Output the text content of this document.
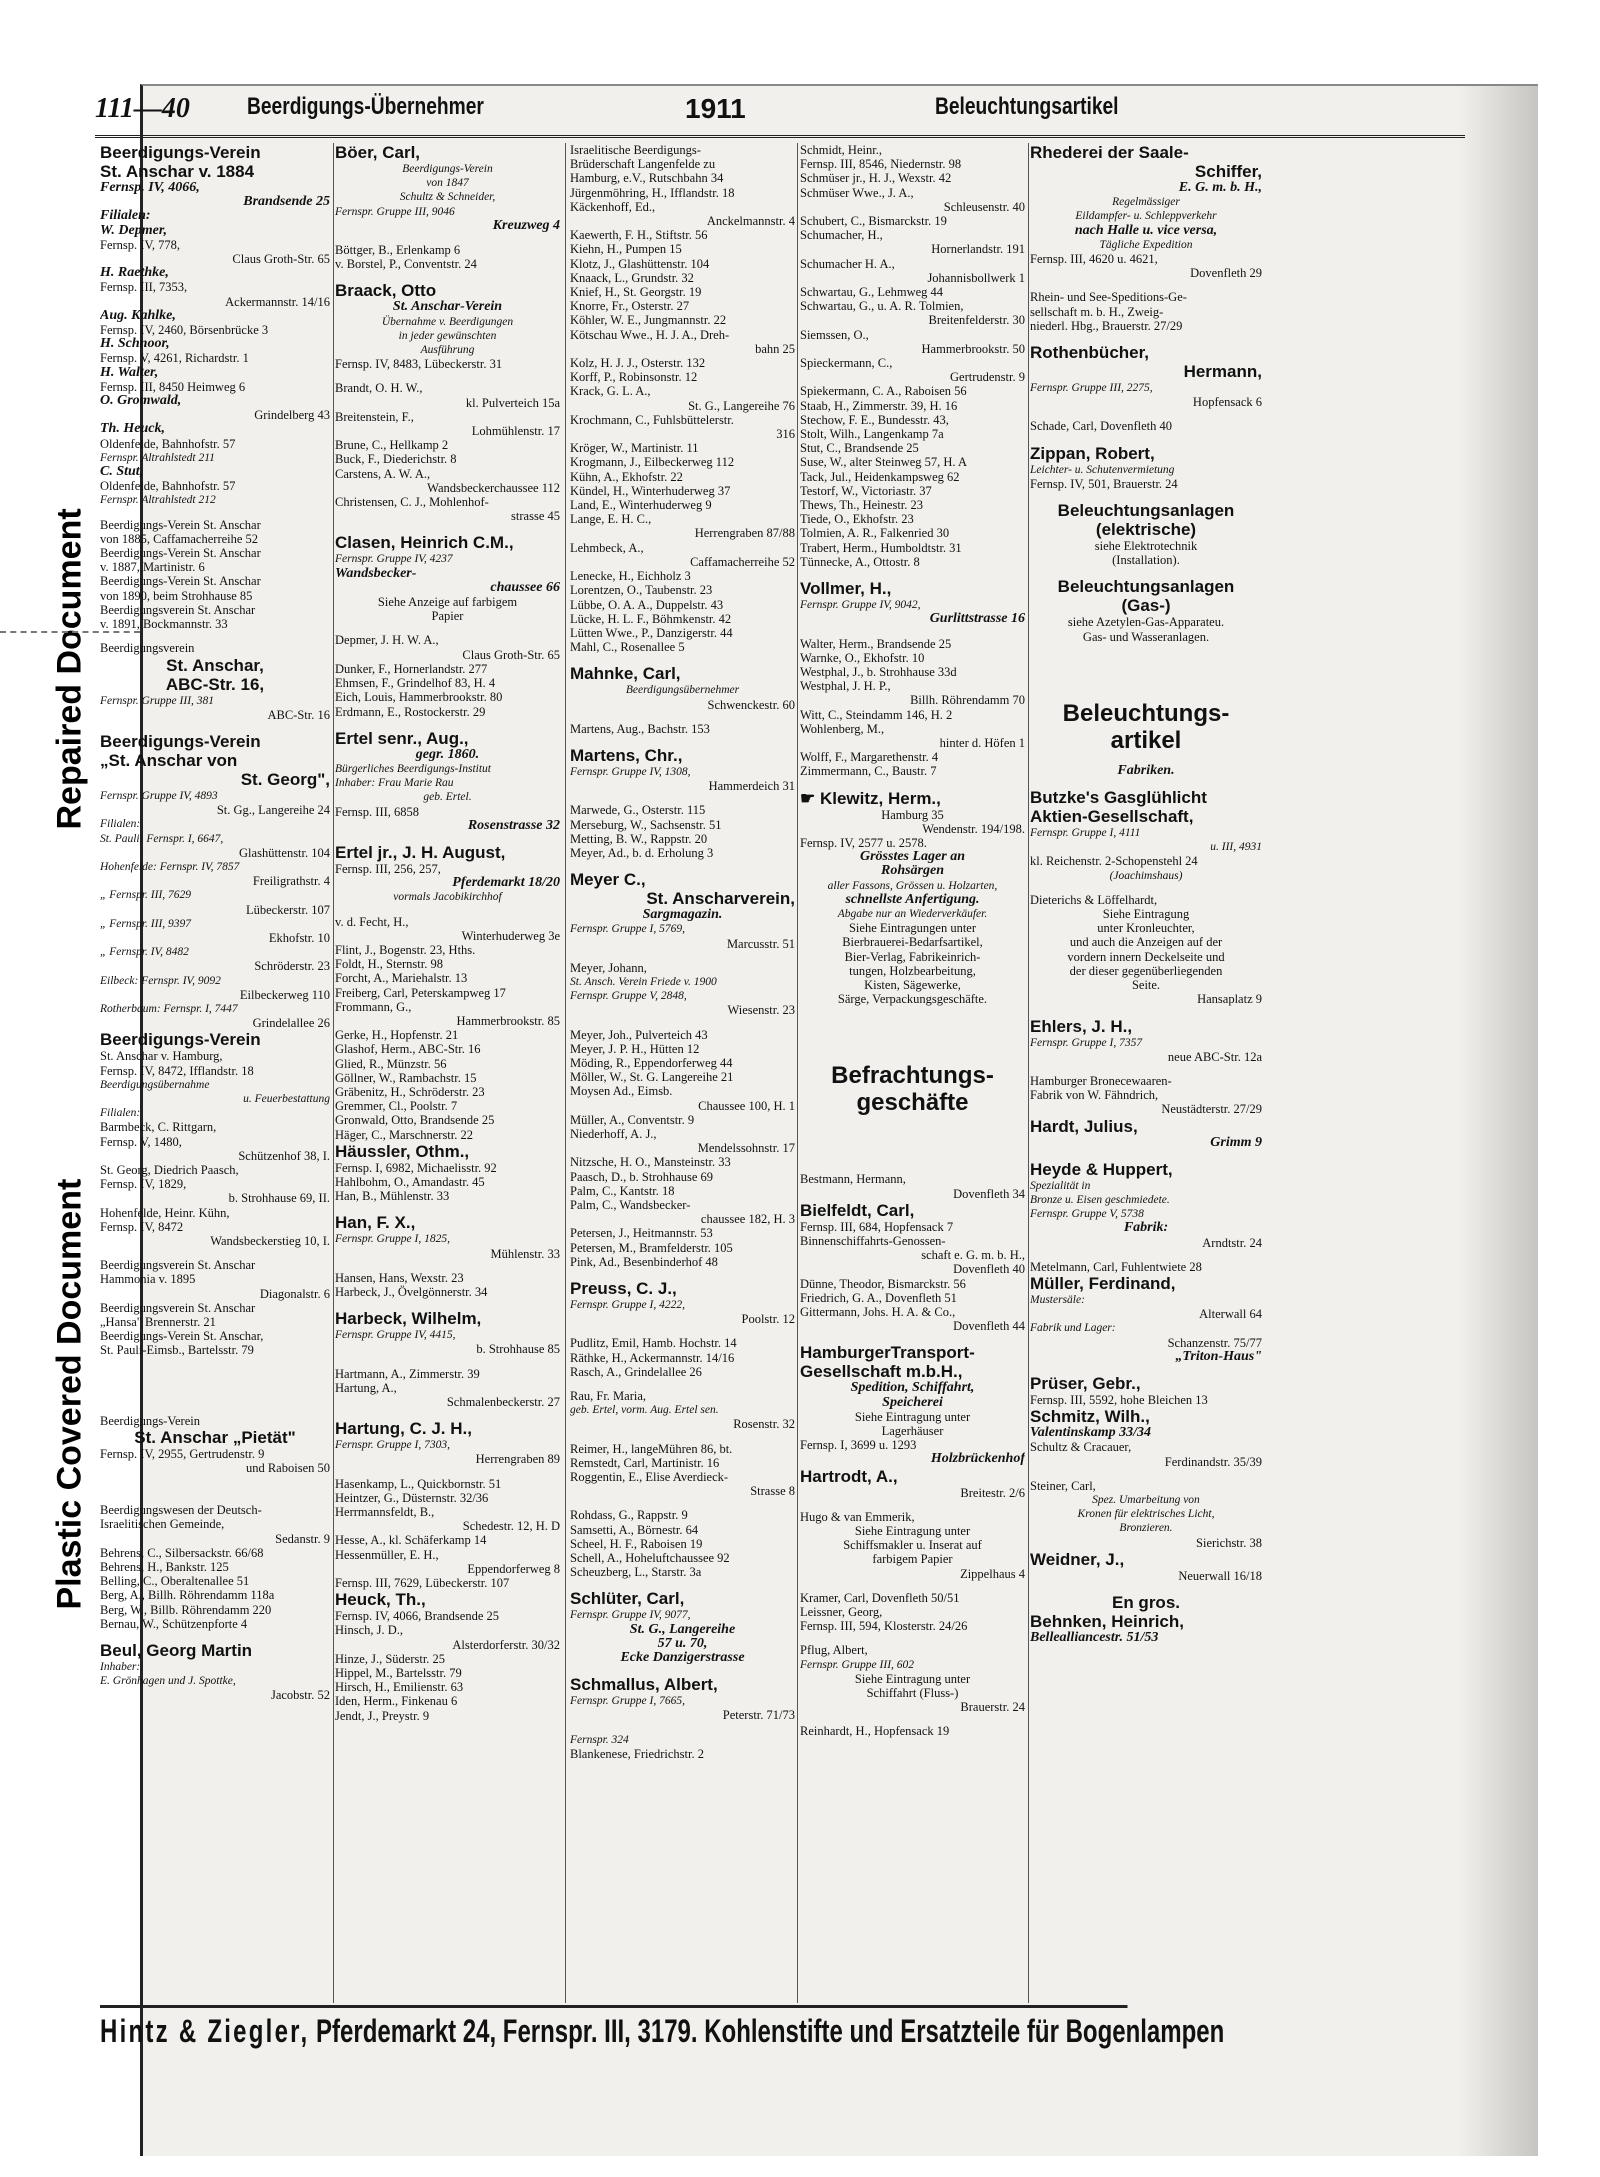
Repaired Document
Plastic Covered Document
111—40 Beerdigungs-Übernehmer	1911	Beleuchtungsartikel
Beerdigungs-Verein
St. Anschar v. 1884
Fernsp. IV, 4066,
Brandsende 25
Filialen:
W. Depmer,
Fernsp. IV, 778,
Claus Groth-Str. 65
H. Raethke,
Fernsp. III, 7353,
Ackermannstr. 14/16
Aug. Kahlke,
Fernsp. IV, 2460, Börsenbrücke 3
H. Schnoor,
Fernsp. V, 4261, Richardstr. 1
H. Walter,
Fernsp. III, 8450 Heimweg 6
O. Gromwald,
Grindelberg 43
Th. Heuck,
Oldenfelde, Bahnhofstr. 57
Fernspr. Altrahlstedt 211
C. Stut,
Oldenfelde, Bahnhofstr. 57
Fernspr. Altrahlstedt 212
Beerdigungs-Verein St. Anschar
von 1885, Caffamacherreihe 52
Beerdigungs-Verein St. Anschar
v. 1887, Martinistr. 6
Beerdigungs-Verein St. Anschar
von 1890, beim Strohhause 85
Beerdigungsverein St. Anschar
v. 1891, Bockmannstr. 33
Beerdigungsverein
St. Anschar,
ABC-Str. 16,
Fernspr. Gruppe III, 381
ABC-Str. 16
Beerdigungs-Verein
„St. Anschar von
St. Georg",
Fernspr. Gruppe IV, 4893
St. Gg., Langereihe 24
Filialen:
St. Pauli: Fernspr. I, 6647,
Glashüttenstr. 104
Hohenfelde: Fernspr. IV, 7857
Freiligrathstr. 4
„ Fernspr. III, 7629
Lübeckerstr. 107
„ Fernspr. III, 9397
Ekhofstr. 10
„ Fernspr. IV, 8482
Schröderstr. 23
Eilbeck: Fernspr. IV, 9092
Eilbeckerweg 110
Rotherbaum: Fernspr. I, 7447
Grindelallee 26
Beerdigungs-Verein
St. Anschar v. Hamburg,
Fernsp. IV, 8472, Ifflandstr. 18
Beerdigungsübernahme
u. Feuerbestattung
Filialen:
Barmbeck, C. Rittgarn,
Fernsp. V, 1480,
Schützenhof 38, I.
St. Georg, Diedrich Paasch,
Fernsp. IV, 1829,
b. Strohhause 69, II.
Hohenfelde, Heinr. Kühn,
Fernsp. IV, 8472
Wandsbeckerstieg 10, I.
Beerdigungsverein St. Anschar
Hammonia v. 1895
Diagonalstr. 6
Beerdigungsverein St. Anschar
„Hansa" Brennerstr. 21
Beerdigungs-Verein St. Anschar,
St. Pauli-Eimsb., Bartelsstr. 79
Beerdigungs-Verein
St. Anschar „Pietät"
Fernsp. IV, 2955, Gertrudenstr. 9
und Raboisen 50
Beerdigungswesen der Deutsch-
Israelitischen Gemeinde,
Sedanstr. 9
Behrens, C., Silbersackstr. 66/68
Behrens, H., Bankstr. 125
Belling, C., Oberaltenallee 51
Berg, A., Billh. Röhrendamm 118a
Berg, W., Billb. Röhrendamm 220
Bernau, W., Schützenpforte 4
Beul, Georg Martin
Inhaber:
E. Grönhagen und J. Spottke,
Jacobstr. 52
Böer, Carl,
Beerdigungs-Verein
von 1847
Schultz & Schneider,
Fernspr. Gruppe III, 9046
Kreuzweg 4
Böttger, B., Erlenkamp 6
v. Borstel, P., Conventstr. 24
Braack, Otto
St. Anschar-Verein
Übernahme v. Beerdigungen
in jeder gewünschten
Ausführung
Fernsp. IV, 8483, Lübeckerstr. 31
Brandt, O. H. W.,
kl. Pulverteich 15a
Breitenstein, F.,
Lohmühlenstr. 17
Brune, C., Hellkamp 2
Buck, F., Diederichstr. 8
Carstens, A. W. A.,
Wandsbeckerchaussee 112
Christensen, C. J., Mohlenhof-
strasse 45
Clasen, Heinrich C.M.,
Fernspr. Gruppe IV, 4237
Wandsbecker-
chaussee 66
Siehe Anzeige auf farbigem
Papier
Depmer, J. H. W. A.,
Claus Groth-Str. 65
Dunker, F., Hornerlandstr. 277
Ehmsen, F., Grindelhof 83, H. 4
Eich, Louis, Hammerbrookstr. 80
Erdmann, E., Rostockerstr. 29
Ertel senr., Aug.,
gegr. 1860.
Bürgerliches Beerdigungs-Institut
Inhaber: Frau Marie Rau
geb. Ertel.
Fernsp. III, 6858
Rosenstrasse 32
Ertel jr., J. H. August,
Fernsp. III, 256, 257,
Pferdemarkt 18/20
vormals Jacobikirchhof
v. d. Fecht, H.,
Winterhuderweg 3e
Flint, J., Bogenstr. 23, Hths.
Foldt, H., Sternstr. 98
Forcht, A., Mariehalstr. 13
Freiberg, Carl, Peterskampweg 17
Frommann, G.,
Hammerbrookstr. 85
Gerke, H., Hopfenstr. 21
Glashof, Herm., ABC-Str. 16
Glied, R., Münzstr. 56
Göllner, W., Rambachstr. 15
Gräbenitz, H., Schröderstr. 23
Gremmer, Cl., Poolstr. 7
Gronwald, Otto, Brandsende 25
Häger, C., Marschnerstr. 22
Häussler, Othm.,
Fernsp. I, 6982, Michaelisstr. 92
Hahlbohm, O., Amandastr. 45
Han, B., Mühlenstr. 33
Han, F. X.,
Fernspr. Gruppe I, 1825,
Mühlenstr. 33
Hansen, Hans, Wexstr. 23
Harbeck, J., Övelgönnerstr. 34
Harbeck, Wilhelm,
Fernspr. Gruppe IV, 4415,
b. Strohhause 85
Hartmann, A., Zimmerstr. 39
Hartung, A.,
Schmalenbeckerstr. 27
Hartung, C. J. H.,
Fernspr. Gruppe I, 7303,
Herrengraben 89
Hasenkamp, L., Quickbornstr. 51
Heintzer, G., Düsternstr. 32/36
Herrmannsfeldt, B.,
Schedestr. 12, H. D
Hesse, A., kl. Schäferkamp 14
Hessenmüller, E. H.,
Eppendorferweg 8
Fernsp. III, 7629, Lübeckerstr. 107
Heuck, Th.,
Fernsp. IV, 4066, Brandsende 25
Hinsch, J. D.,
Alsterdorferstr. 30/32
Hinze, J., Süderstr. 25
Hippel, M., Bartelsstr. 79
Hirsch, H., Emilienstr. 63
Iden, Herm., Finkenau 6
Jendt, J., Preystr. 9
Israelitische Beerdigungs-
Brüderschaft Langenfelde zu
Hamburg, e.V., Rutschbahn 34
Jürgenmöhring, H., Ifflandstr. 18
Käckenhoff, Ed.,
Anckelmannstr. 4
Kaewerth, F. H., Stiftstr. 56
Kiehn, H., Pumpen 15
Klotz, J., Glashüttenstr. 104
Knaack, L., Grundstr. 32
Knief, H., St. Georgstr. 19
Knorre, Fr., Osterstr. 27
Köhler, W. E., Jungmannstr. 22
Kötschau Wwe., H. J. A., Dreh-
bahn 25
Kolz, H. J. J., Osterstr. 132
Korff, P., Robinsonstr. 12
Krack, G. L. A.,
St. G., Langereihe 76
Krochmann, C., Fuhlsbüttelerstr.
316
Kröger, W., Martinistr. 11
Krogmann, J., Eilbeckerweg 112
Kühn, A., Ekhofstr. 22
Kündel, H., Winterhuderweg 37
Land, E., Winterhuderweg 9
Lange, E. H. C.,
Herrengraben 87/88
Lehmbeck, A.,
Caffamacherreihe 52
Lenecke, H., Eichholz 3
Lorentzen, O., Taubenstr. 23
Lübbe, O. A. A., Duppelstr. 43
Lücke, H. L. F., Böhmkenstr. 42
Lütten Wwe., P., Danzigerstr. 44
Mahl, C., Rosenallee 5
Mahnke, Carl,
Beerdigungsübernehmer
Schwenckestr. 60
Martens, Aug., Bachstr. 153
Martens, Chr.,
Fernspr. Gruppe IV, 1308,
Hammerdeich 31
Marwede, G., Osterstr. 115
Merseburg, W., Sachsenstr. 51
Metting, B. W., Rappstr. 20
Meyer, Ad., b. d. Erholung 3
Meyer C.,
St. Anscharverein,
Sargmagazin.
Fernspr. Gruppe I, 5769,
Marcusstr. 51
Meyer, Johann,
St. Ansch. Verein Friede v. 1900
Fernspr. Gruppe V, 2848,
Wiesenstr. 23
Meyer, Joh., Pulverteich 43
Meyer, J. P. H., Hütten 12
Möding, R., Eppendorferweg 44
Möller, W., St. G. Langereihe 21
Moysen Ad., Eimsb.
Chaussee 100, H. 1
Müller, A., Conventstr. 9
Niederhoff, A. J.,
Mendelssohnstr. 17
Nitzsche, H. O., Mansteinstr. 33
Paasch, D., b. Strohhause 69
Palm, C., Kantstr. 18
Palm, C., Wandsbecker-
chaussee 182, H. 3
Petersen, J., Heitmannstr. 53
Petersen, M., Bramfelderstr. 105
Pink, Ad., Besenbinderhof 48
Preuss, C. J.,
Fernspr. Gruppe I, 4222,
Poolstr. 12
Pudlitz, Emil, Hamb. Hochstr. 14
Räthke, H., Ackermannstr. 14/16
Rasch, A., Grindelallee 26
Rau, Fr. Maria,
geb. Ertel, vorm. Aug. Ertel sen.
Rosenstr. 32
Reimer, H., langeMühren 86, bt.
Remstedt, Carl, Martinistr. 16
Roggentin, E., Elise Averdieck-
Strasse 8
Rohdass, G., Rappstr. 9
Samsetti, A., Börnestr. 64
Scheel, H. F., Raboisen 19
Schell, A., Hoheluftchaussee 92
Scheuzberg, L., Starstr. 3a
Schlüter, Carl,
Fernspr. Gruppe IV, 9077,
St. G., Langereihe
57 u. 70,
Ecke Danzigerstrasse
Schmallus, Albert,
Fernspr. Gruppe I, 7665,
Peterstr. 71/73
Fernspr. 324
Blankenese, Friedrichstr. 2
Schmidt, Heinr.,
Fernsp. III, 8546, Niedernstr. 98
Schmüser jr., H. J., Wexstr. 42
Schmüser Wwe., J. A.,
Schleusenstr. 40
Schubert, C., Bismarckstr. 19
Schumacher, H.,
Hornerlandstr. 191
Schumacher H. A.,
Johannisbollwerk 1
Schwartau, G., Lehmweg 44
Schwartau, G., u. A. R. Tolmien,
Breitenfelderstr. 30
Siemssen, O.,
Hammerbrookstr. 50
Spieckermann, C.,
Gertrudenstr. 9
Spiekermann, C. A., Raboisen 56
Staab, H., Zimmerstr. 39, H. 16
Stechow, F. E., Bundesstr. 43,
Stolt, Wilh., Langenkamp 7a
Stut, C., Brandsende 25
Suse, W., alter Steinweg 57, H. A
Tack, Jul., Heidenkampsweg 62
Testorf, W., Victoriastr. 37
Thews, Th., Heinestr. 23
Tiede, O., Ekhofstr. 23
Tolmien, A. R., Falkenried 30
Trabert, Herm., Humboldtstr. 31
Tünnecke, A., Ottostr. 8
Vollmer, H.,
Fernspr. Gruppe IV, 9042,
Gurlittstrasse 16
Walter, Herm., Brandsende 25
Warnke, O., Ekhofstr. 10
Westphal, J., b. Strohhause 33d
Westphal, J. H. P.,
Billh. Röhrendamm 70
Witt, C., Steindamm 146, H. 2
Wohlenberg, M.,
hinter d. Höfen 1
Wolff, F., Margarethenstr. 4
Zimmermann, C., Baustr. 7
☛ Klewitz, Herm.,
Hamburg 35
Wendenstr. 194/198.
Fernsp. IV, 2577 u. 2578.
Grösstes Lager an
Rohsärgen
aller Fassons, Grössen u. Holzarten,
schnellste Anfertigung.
Abgabe nur an Wiederverkäufer.
Siehe Eintragungen unter
Bierbrauerei-Bedarfsartikel,
Bier-Verlag, Fabrikeinrich-
tungen, Holzbearbeitung,
Kisten, Sägewerke,
Särge, Verpackungsgeschäfte.
Befrachtungs-
geschäfte
Bestmann, Hermann,
Dovenfleth 34
Bielfeldt, Carl,
Fernsp. III, 684, Hopfensack 7
Binnenschiffahrts-Genossen-
schaft e. G. m. b. H.,
Dovenfleth 40
Dünne, Theodor, Bismarckstr. 56
Friedrich, G. A., Dovenfleth 51
Gittermann, Johs. H. A. & Co.,
Dovenfleth 44
HamburgerTransport-
Gesellschaft m.b.H.,
Spedition, Schiffahrt,
Speicherei
Siehe Eintragung unter
Lagerhäuser
Fernsp. I, 3699 u. 1293
Holzbrückenhof
Hartrodt, A.,
Breitestr. 2/6
Hugo & van Emmerik,
Siehe Eintragung unter
Schiffsmakler u. Inserat auf
farbigem Papier
Zippelhaus 4
Kramer, Carl, Dovenfleth 50/51
Leissner, Georg,
Fernsp. III, 594, Klosterstr. 24/26
Pflug, Albert,
Fernspr. Gruppe III, 602
Siehe Eintragung unter
Schiffahrt (Fluss-)
Brauerstr. 24
Reinhardt, H., Hopfensack 19
Rhederei der Saale-
Schiffer,
E. G. m. b. H.,
Regelmässiger
Eildampfer- u. Schleppverkehr
nach Halle u. vice versa,
Tägliche Expedition
Fernsp. III, 4620 u. 4621,
Dovenfleth 29
Rhein- und See-Speditions-Ge-
sellschaft m. b. H., Zweig-
niederl. Hbg., Brauerstr. 27/29
Rothenbücher,
Hermann,
Fernspr. Gruppe III, 2275,
Hopfensack 6
Schade, Carl, Dovenfleth 40
Zippan, Robert,
Leichter- u. Schutenvermietung
Fernsp. IV, 501, Brauerstr. 24
Beleuchtungsanlagen
(elektrische)
siehe Elektrotechnik
(Installation).
Beleuchtungsanlagen
(Gas-)
siehe Azetylen-Gas-Apparateu.
Gas- und Wasseranlagen.
Beleuchtungs-
artikel
Fabriken.
Butzke's Gasglühlicht
Aktien-Gesellschaft,
Fernspr. Gruppe I, 4111
u. III, 4931
kl. Reichenstr. 2-Schopenstehl 24
(Joachimshaus)
Dieterichs & Löffelhardt,
Siehe Eintragung
unter Kronleuchter,
und auch die Anzeigen auf der
vordern innern Deckelseite und
der dieser gegenüberliegenden
Seite.
Hansaplatz 9
Ehlers, J. H.,
Fernspr. Gruppe I, 7357
neue ABC-Str. 12a
Hamburger Bronecewaaren-
Fabrik von W. Fähndrich,
Neustädterstr. 27/29
Hardt, Julius,
Grimm 9
Heyde & Huppert,
Spezialität in
Bronze u. Eisen geschmiedete.
Fernspr. Gruppe V, 5738
Fabrik:
Arndtstr. 24
Metelmann, Carl, Fuhlentwiete 28
Müller, Ferdinand,
Mustersäle:
Alterwall 64
Fabrik und Lager:
Schanzenstr. 75/77
„Triton-Haus"
Prüser, Gebr.,
Fernsp. III, 5592, hohe Bleichen 13
Schmitz, Wilh.,
Valentinskamp 33/34
Schultz & Cracauer,
Ferdinandstr. 35/39
Steiner, Carl,
Spez. Umarbeitung von
Kronen für elektrisches Licht,
Bronzieren.
Sierichstr. 38
Weidner, J.,
Neuerwall 16/18
En gros.
Behnken, Heinrich,
Bellealliancestr. 51/53
Hintz & Ziegler, Pferdemarkt 24, Fernspr. III, 3179. Kohlenstifte und Ersatzteile für Bogenlampen
